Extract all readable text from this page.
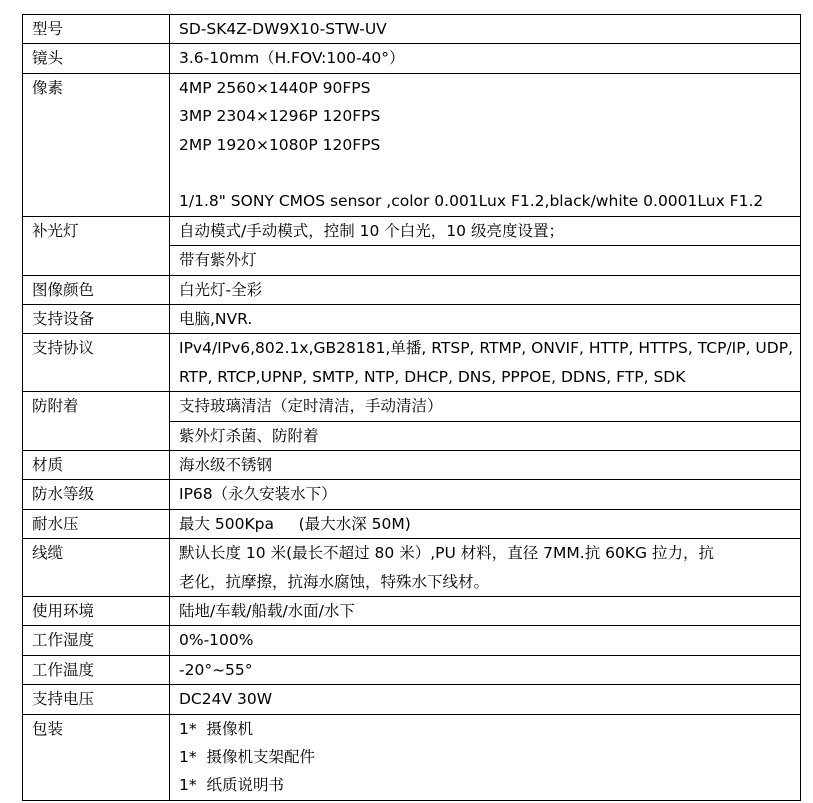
型号	SD-SK4Z-DW9X10-STW-UV

镜头	3.6-10mm（H.FOV:100-40°）

像素	4MP 2560×1440P 90FPS
3MP 2304×1296P 120FPS
2MP 1920×1080P 120FPS
1/1.8" SONY CMOS sensor ,color 0.001Lux F1.2,black/white 0.0001Lux F1.2

补光灯	自动模式/手动模式，控制 10 个白光，10 级亮度设置；

	带有紫外灯

图像颜色	白光灯-全彩

支持设备	电脑,NVR.

支持协议	IPv4/IPv6,802.1x,GB28181,单播, RTSP, RTMP, ONVIF, HTTP, HTTPS, TCP/IP, UDP,
RTP, RTCP,UPNP, SMTP, NTP, DHCP, DNS, PPPOE, DDNS, FTP, SDK

防附着	支持玻璃清洁（定时清洁，手动清洁）

	紫外灯杀菌、防附着

材质	海水级不锈钢

防水等级	IP68（永久安装水下）

耐水压	最大 500Kpa     (最大水深 50M)

线缆	默认长度 10 米(最长不超过 80 米）,PU 材料，直径 7MM.抗 60KG 拉力，抗
老化，抗摩擦，抗海水腐蚀，特殊水下线材。

使用环境	陆地/车载/船载/水面/水下

工作湿度	0%-100%

工作温度	-20°~55°

支持电压	DC24V 30W

包装	1*  摄像机
1*  摄像机支架配件
1*  纸质说明书
